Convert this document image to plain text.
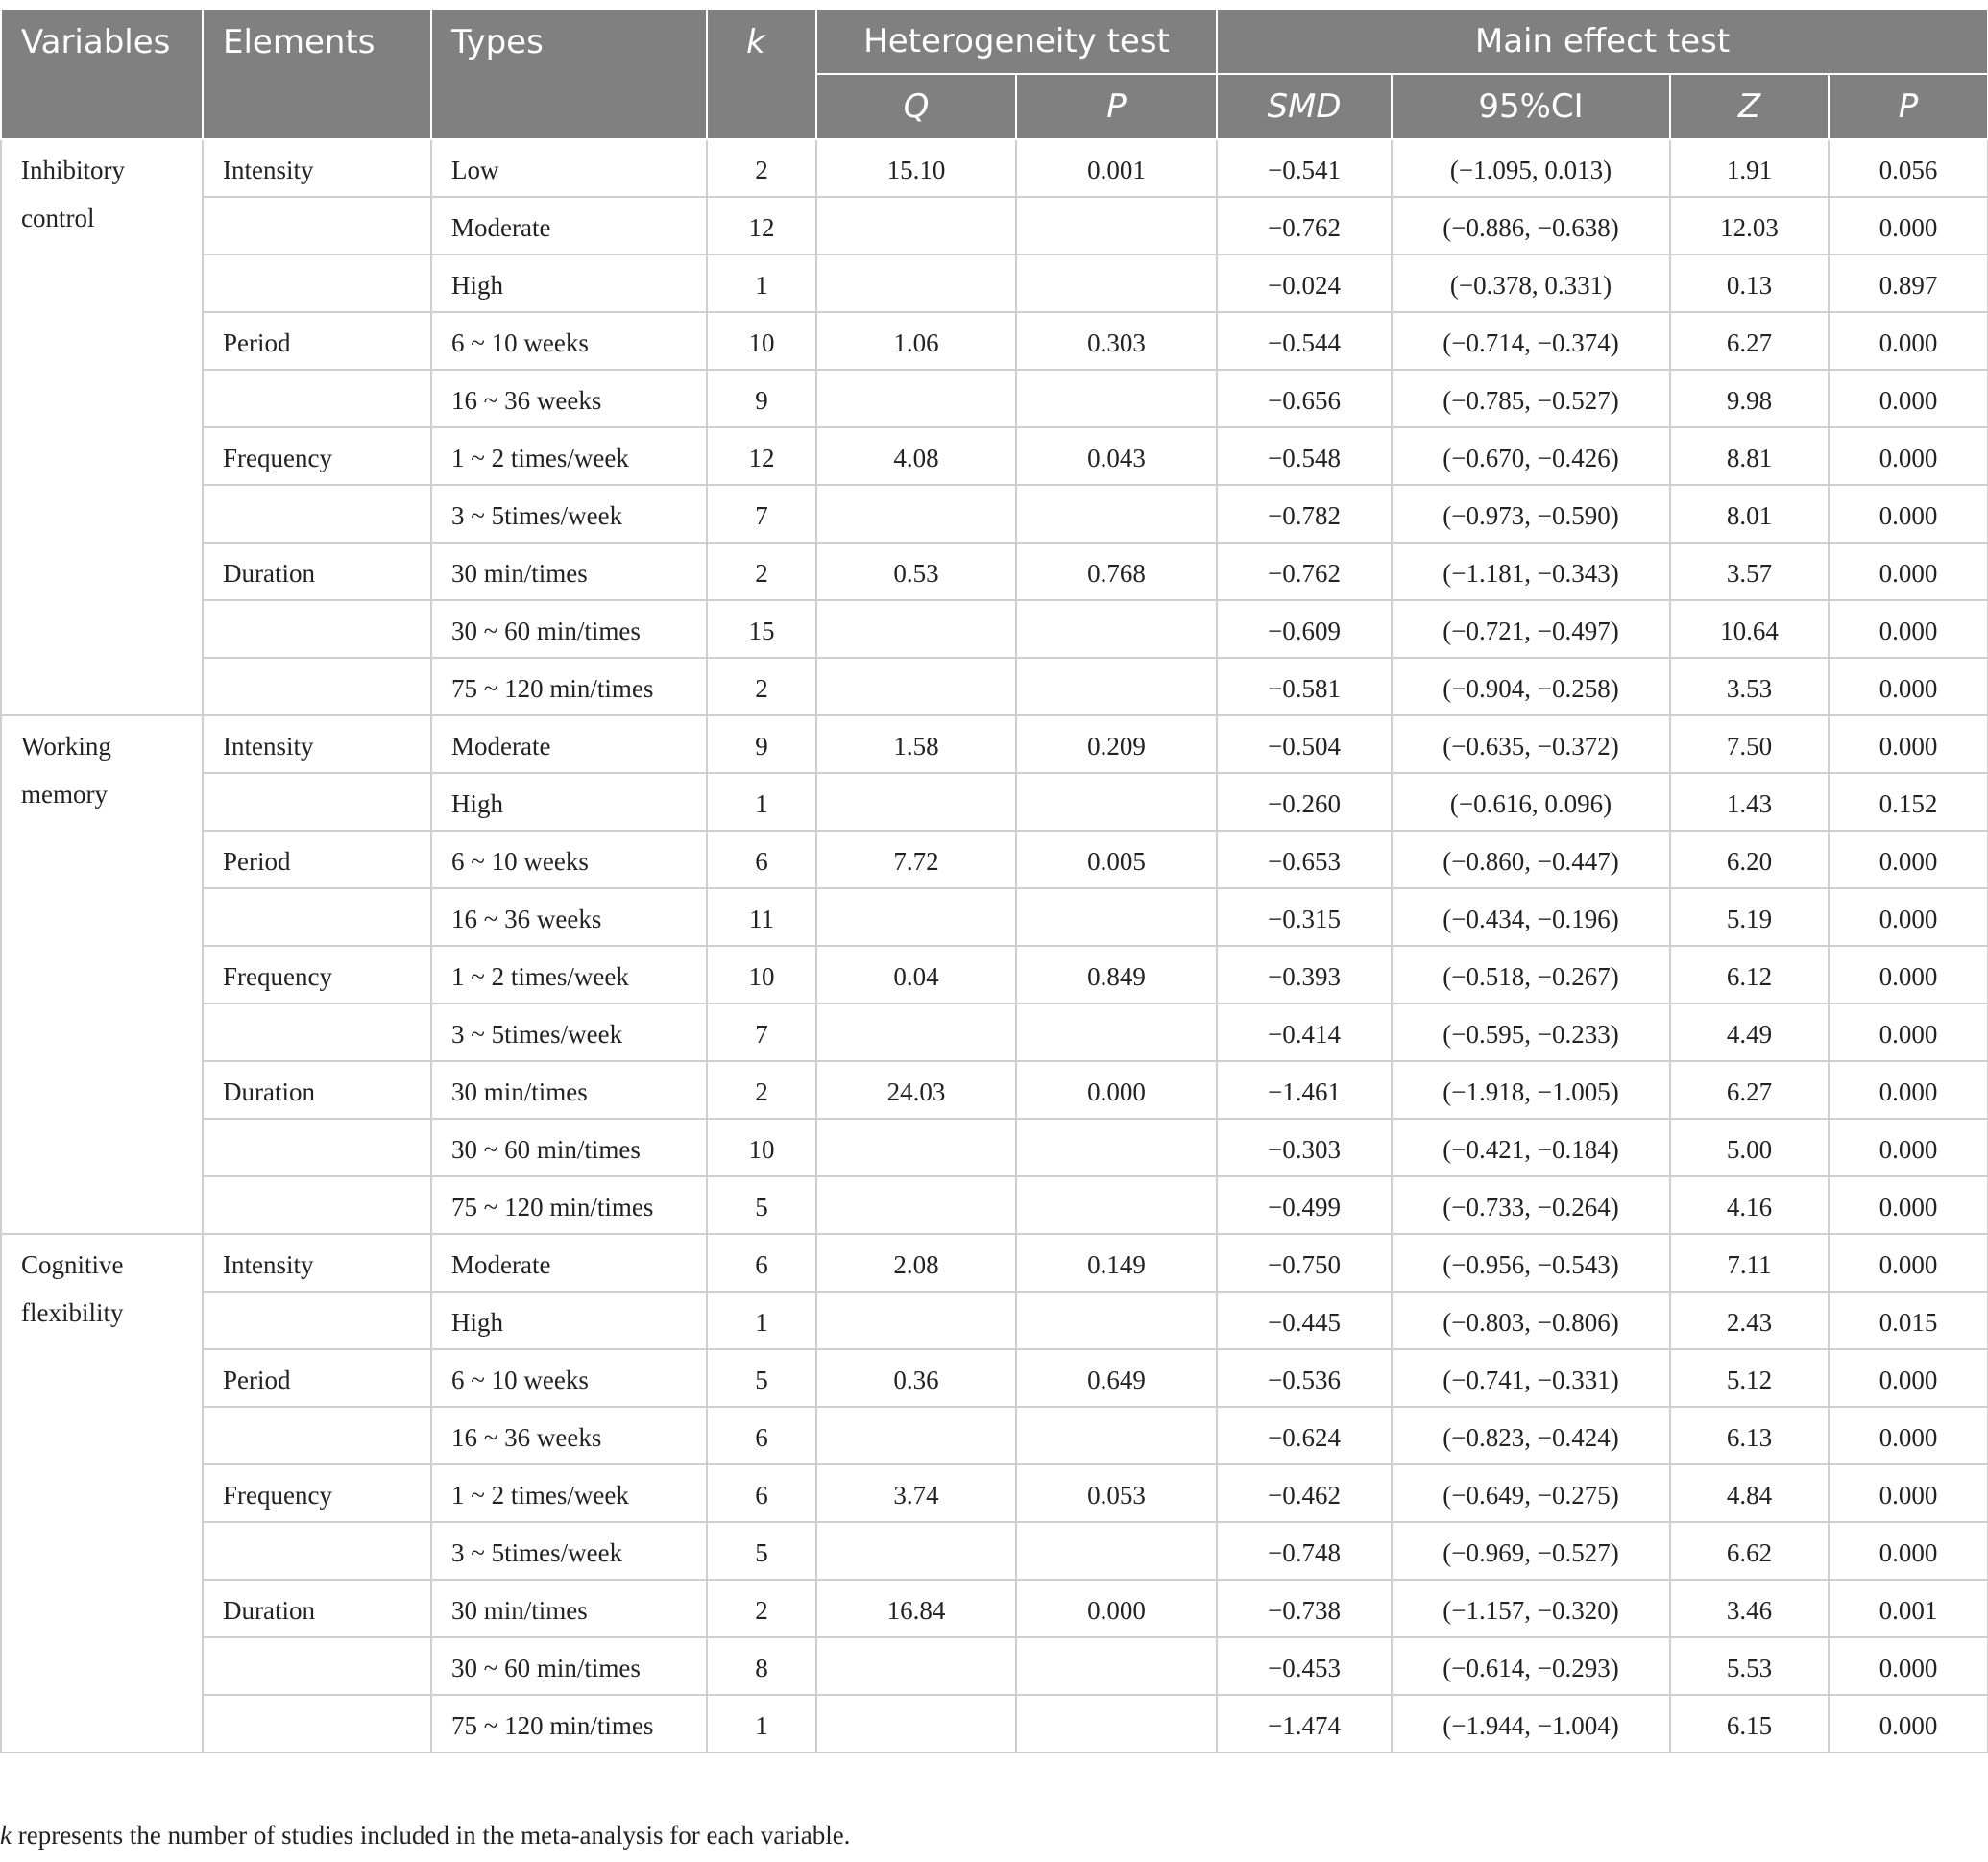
Variables	Elements	Types	k	Heterogeneity test		Main effect test			
				Q	P	SMD	95%CI	Z	P
Inhibitory control	Intensity	Low	2	15.10	0.001	−0.541	(−1.095, 0.013)	1.91	0.056
		Moderate	12			−0.762	(−0.886, −0.638)	12.03	0.000
		High	1			−0.024	(−0.378, 0.331)	0.13	0.897
	Period	6 ~ 10 weeks	10	1.06	0.303	−0.544	(−0.714, −0.374)	6.27	0.000
		16 ~ 36 weeks	9			−0.656	(−0.785, −0.527)	9.98	0.000
	Frequency	1 ~ 2 times/week	12	4.08	0.043	−0.548	(−0.670, −0.426)	8.81	0.000
		3 ~ 5times/week	7			−0.782	(−0.973, −0.590)	8.01	0.000
	Duration	30 min/times	2	0.53	0.768	−0.762	(−1.181, −0.343)	3.57	0.000
		30 ~ 60 min/times	15			−0.609	(−0.721, −0.497)	10.64	0.000
		75 ~ 120 min/times	2			−0.581	(−0.904, −0.258)	3.53	0.000
Working memory	Intensity	Moderate	9	1.58	0.209	−0.504	(−0.635, −0.372)	7.50	0.000
		High	1			−0.260	(−0.616, 0.096)	1.43	0.152
	Period	6 ~ 10 weeks	6	7.72	0.005	−0.653	(−0.860, −0.447)	6.20	0.000
		16 ~ 36 weeks	11			−0.315	(−0.434, −0.196)	5.19	0.000
	Frequency	1 ~ 2 times/week	10	0.04	0.849	−0.393	(−0.518, −0.267)	6.12	0.000
		3 ~ 5times/week	7			−0.414	(−0.595, −0.233)	4.49	0.000
	Duration	30 min/times	2	24.03	0.000	−1.461	(−1.918, −1.005)	6.27	0.000
		30 ~ 60 min/times	10			−0.303	(−0.421, −0.184)	5.00	0.000
		75 ~ 120 min/times	5			−0.499	(−0.733, −0.264)	4.16	0.000
Cognitive flexibility	Intensity	Moderate	6	2.08	0.149	−0.750	(−0.956, −0.543)	7.11	0.000
		High	1			−0.445	(−0.803, −0.806)	2.43	0.015
	Period	6 ~ 10 weeks	5	0.36	0.649	−0.536	(−0.741, −0.331)	5.12	0.000
		16 ~ 36 weeks	6			−0.624	(−0.823, −0.424)	6.13	0.000
	Frequency	1 ~ 2 times/week	6	3.74	0.053	−0.462	(−0.649, −0.275)	4.84	0.000
		3 ~ 5times/week	5			−0.748	(−0.969, −0.527)	6.62	0.000
	Duration	30 min/times	2	16.84	0.000	−0.738	(−1.157, −0.320)	3.46	0.001
		30 ~ 60 min/times	8			−0.453	(−0.614, −0.293)	5.53	0.000
		75 ~ 120 min/times	1			−1.474	(−1.944, −1.004)	6.15	0.000
k represents the number of studies included in the meta-analysis for each variable.
